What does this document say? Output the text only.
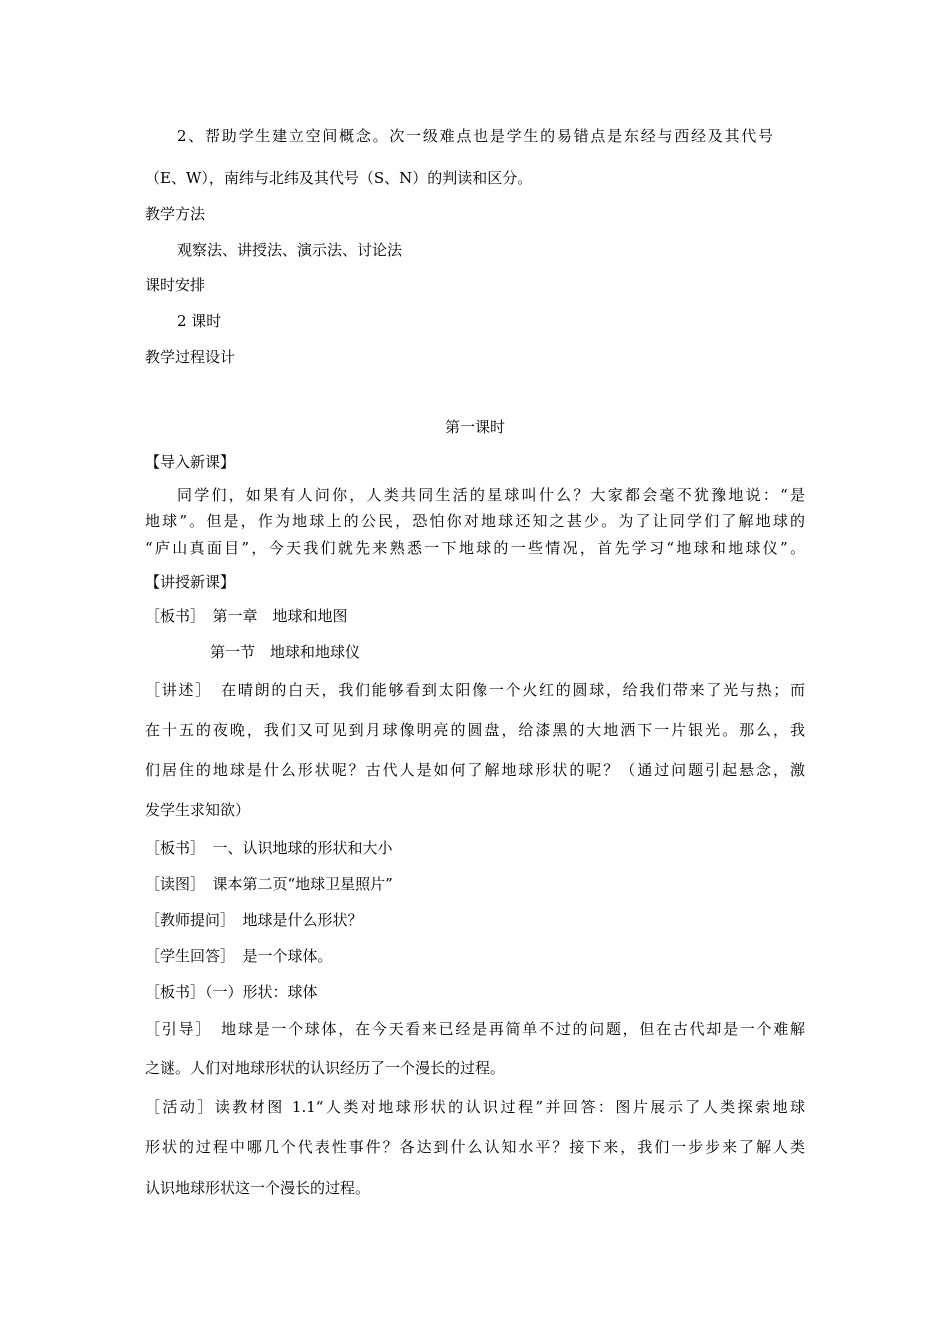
2、帮助学生建立空间概念。次一级难点也是学生的易错点是东经与西经及其代号
（E、W），南纬与北纬及其代号（S、N）的判读和区分。
教学方法
观察法、讲授法、演示法、讨论法
课时安排
2 课时
教学过程设计
第一课时
【导入新课】
同学们，如果有人问你，人类共同生活的星球叫什么？大家都会毫不犹豫地说：“是
地球”。但是，作为地球上的公民，恐怕你对地球还知之甚少。为了让同学们了解地球的
“庐山真面目”，今天我们就先来熟悉一下地球的一些情况，首先学习“地球和地球仪”。
【讲授新课】
［板书］　第一章　地球和地图
第一节　地球和地球仪
［讲述］　在晴朗的白天，我们能够看到太阳像一个火红的圆球，给我们带来了光与热；而
在十五的夜晚，我们又可见到月球像明亮的圆盘，给漆黑的大地洒下一片银光。那么，我
们居住的地球是什么形状呢？古代人是如何了解地球形状的呢？（通过问题引起悬念，激
发学生求知欲）
［板书］　一、认识地球的形状和大小
［读图］　课本第二页“地球卫星照片”
［教师提问］　地球是什么形状？
［学生回答］　是一个球体。
［板书］（一）形状：球体
［引导］　地球是一个球体，在今天看来已经是再简单不过的问题，但在古代却是一个难解
之谜。人们对地球形状的认识经历了一个漫长的过程。
［活动］读教材图 1.1“人类对地球形状的认识过程”并回答：图片展示了人类探索地球
形状的过程中哪几个代表性事件？各达到什么认知水平？接下来，我们一步步来了解人类
认识地球形状这一个漫长的过程。
